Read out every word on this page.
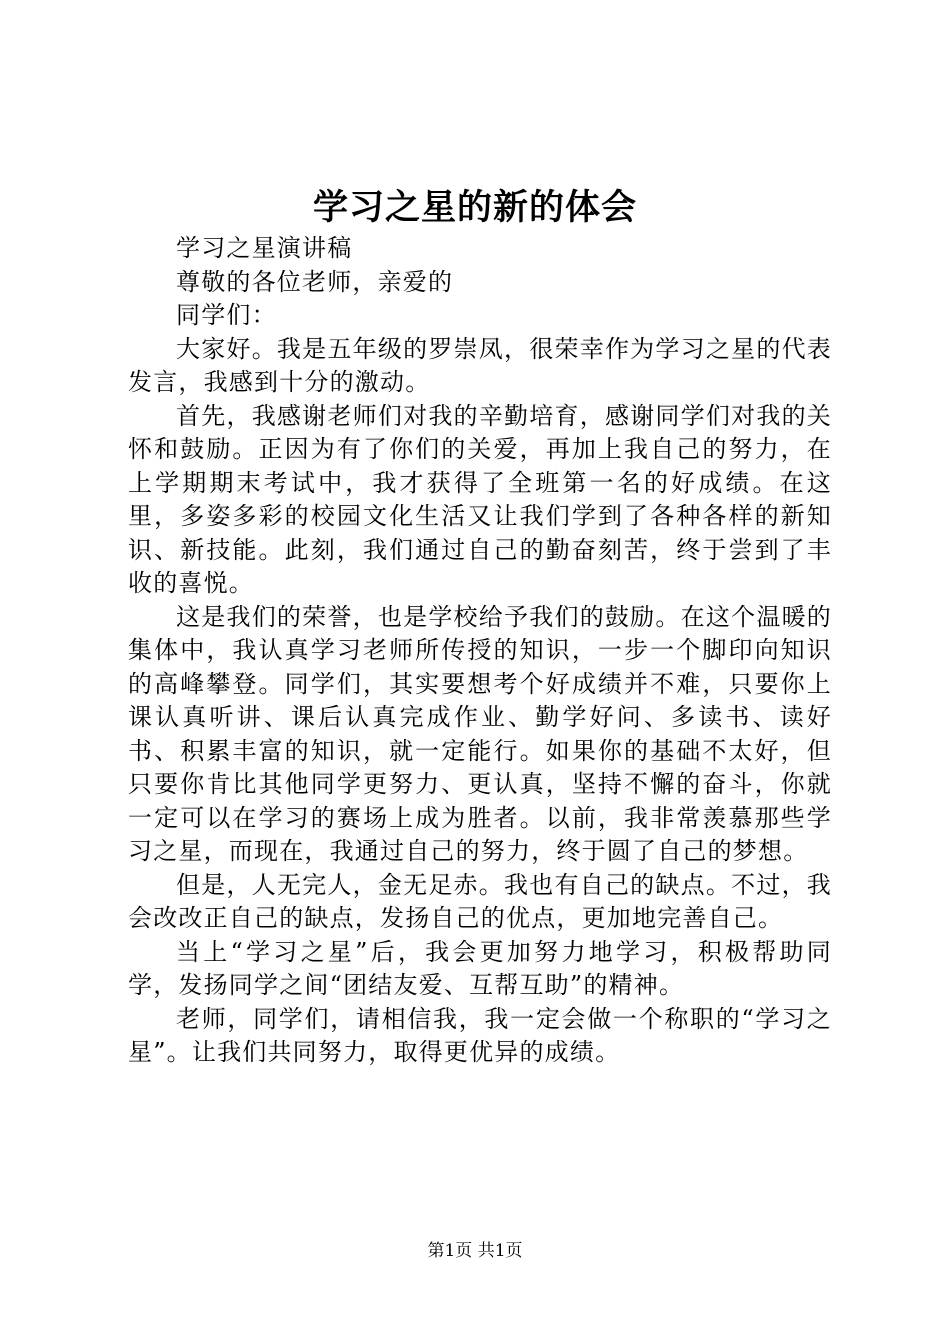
学习之星的新的体会

学习之星演讲稿

尊敬的各位老师，亲爱的

同学们：

大家好。我是五年级的罗崇凤，很荣幸作为学习之星的代表发言，我感到十分的激动。

首先，我感谢老师们对我的辛勤培育，感谢同学们对我的关怀和鼓励。正因为有了你们的关爱，再加上我自己的努力，在上学期期末考试中，我才获得了全班第一名的好成绩。在这里，多姿多彩的校园文化生活又让我们学到了各种各样的新知识、新技能。此刻，我们通过自己的勤奋刻苦，终于尝到了丰收的喜悦。

这是我们的荣誉，也是学校给予我们的鼓励。在这个温暖的集体中，我认真学习老师所传授的知识，一步一个脚印向知识的高峰攀登。同学们，其实要想考个好成绩并不难，只要你上课认真听讲、课后认真完成作业、勤学好问、多读书、读好书、积累丰富的知识，就一定能行。如果你的基础不太好，但只要你肯比其他同学更努力、更认真，坚持不懈的奋斗，你就一定可以在学习的赛场上成为胜者。以前，我非常羡慕那些学习之星，而现在，我通过自己的努力，终于圆了自己的梦想。

但是，人无完人，金无足赤。我也有自己的缺点。不过，我会改改正自己的缺点，发扬自己的优点，更加地完善自己。

当上“学习之星”后，我会更加努力地学习，积极帮助同学，发扬同学之间“团结友爱、互帮互助”的精神。

老师，同学们，请相信我，我一定会做一个称职的“学习之星”。让我们共同努力，取得更优异的成绩。

第1页 共1页
